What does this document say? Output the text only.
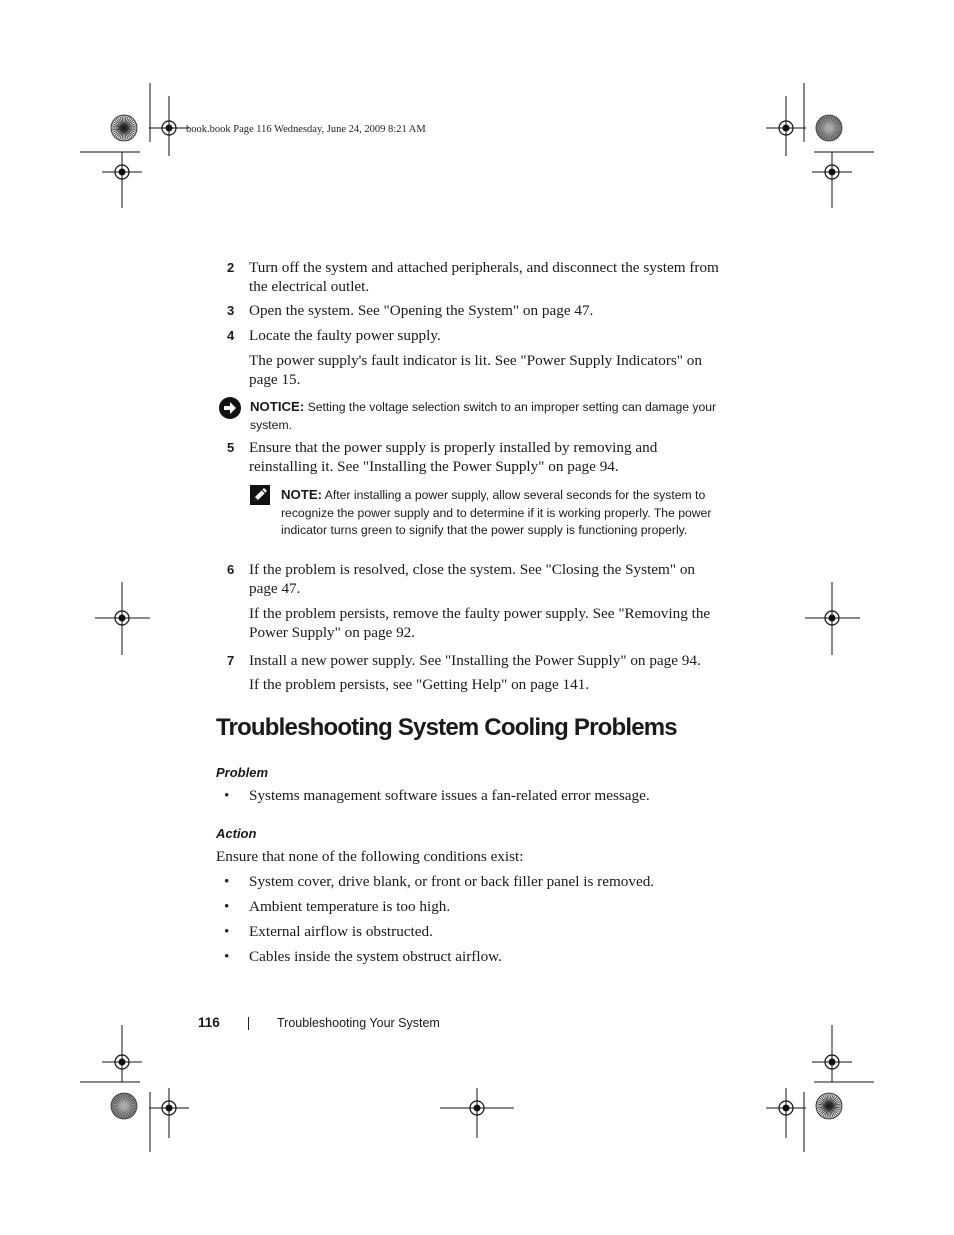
book.book Page 116 Wednesday, June 24, 2009 8:21 AM
2 Turn off the system and attached peripherals, and disconnect the system from the electrical outlet.
3 Open the system. See "Opening the System" on page 47.
4 Locate the faulty power supply.
The power supply's fault indicator is lit. See "Power Supply Indicators" on page 15.
NOTICE: Setting the voltage selection switch to an improper setting can damage your system.
5 Ensure that the power supply is properly installed by removing and reinstalling it. See "Installing the Power Supply" on page 94.
NOTE: After installing a power supply, allow several seconds for the system to recognize the power supply and to determine if it is working properly. The power indicator turns green to signify that the power supply is functioning properly.
6 If the problem is resolved, close the system. See "Closing the System" on page 47.
If the problem persists, remove the faulty power supply. See "Removing the Power Supply" on page 92.
7 Install a new power supply. See "Installing the Power Supply" on page 94.
If the problem persists, see "Getting Help" on page 141.
Troubleshooting System Cooling Problems
Problem
• Systems management software issues a fan-related error message.
Action
Ensure that none of the following conditions exist:
• System cover, drive blank, or front or back filler panel is removed.
• Ambient temperature is too high.
• External airflow is obstructed.
• Cables inside the system obstruct airflow.
116	Troubleshooting Your System
